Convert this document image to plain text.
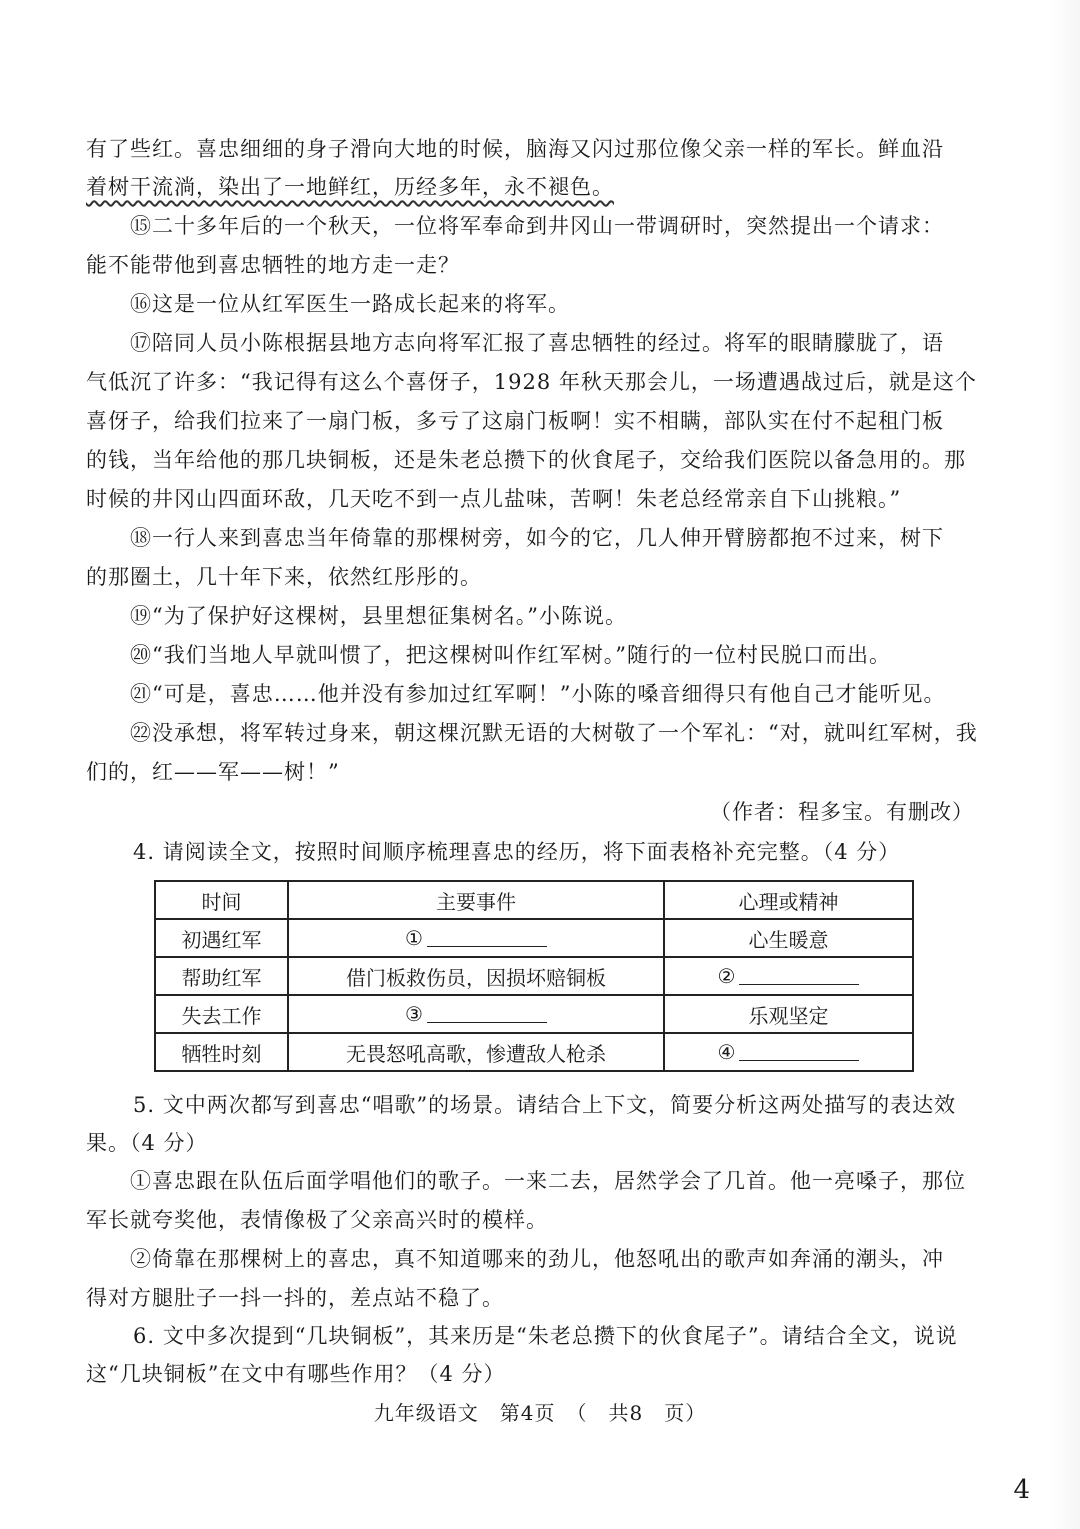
有了些红。喜忠细细的身子滑向大地的时候，脑海又闪过那位像父亲一样的军长。鲜血沿
着树干流淌，染出了一地鲜红，历经多年，永不褪色。
⑮二十多年后的一个秋天，一位将军奉命到井冈山一带调研时，突然提出一个请求：
能不能带他到喜忠牺牲的地方走一走？
⑯这是一位从红军医生一路成长起来的将军。
⑰陪同人员小陈根据县地方志向将军汇报了喜忠牺牲的经过。将军的眼睛朦胧了，语
气低沉了许多：“我记得有这么个喜伢子，1928 年秋天那会儿，一场遭遇战过后，就是这个
喜伢子，给我们拉来了一扇门板，多亏了这扇门板啊！实不相瞒，部队实在付不起租门板
的钱，当年给他的那几块铜板，还是朱老总攒下的伙食尾子，交给我们医院以备急用的。那
时候的井冈山四面环敌，几天吃不到一点儿盐味，苦啊！朱老总经常亲自下山挑粮。”
⑱一行人来到喜忠当年倚靠的那棵树旁，如今的它，几人伸开臂膀都抱不过来，树下
的那圈土，几十年下来，依然红彤彤的。
⑲“为了保护好这棵树，县里想征集树名。”小陈说。
⑳“我们当地人早就叫惯了，把这棵树叫作红军树。”随行的一位村民脱口而出。
㉑“可是，喜忠……他并没有参加过红军啊！”小陈的嗓音细得只有他自己才能听见。
㉒没承想，将军转过身来，朝这棵沉默无语的大树敬了一个军礼：“对，就叫红军树，我
们的，红——军——树！”
（作者：程多宝。有删改）
4. 请阅读全文，按照时间顺序梳理喜忠的经历，将下面表格补充完整。（4 分）
时间	主要事件	心理或精神
初遇红军	①	心生暖意
帮助红军	借门板救伤员，因损坏赔铜板	②
失去工作	③	乐观坚定
牺牲时刻	无畏怒吼高歌，惨遭敌人枪杀	④
5. 文中两次都写到喜忠“唱歌”的场景。请结合上下文，简要分析这两处描写的表达效
果。（4 分）
①喜忠跟在队伍后面学唱他们的歌子。一来二去，居然学会了几首。他一亮嗓子，那位
军长就夸奖他，表情像极了父亲高兴时的模样。
②倚靠在那棵树上的喜忠，真不知道哪来的劲儿，他怒吼出的歌声如奔涌的潮头，冲
得对方腿肚子一抖一抖的，差点站不稳了。
6. 文中多次提到“几块铜板”，其来历是“朱老总攒下的伙食尾子”。请结合全文，说说
这“几块铜板”在文中有哪些作用？（4 分）
九年级语文　第4页　（　共8　页）
4
